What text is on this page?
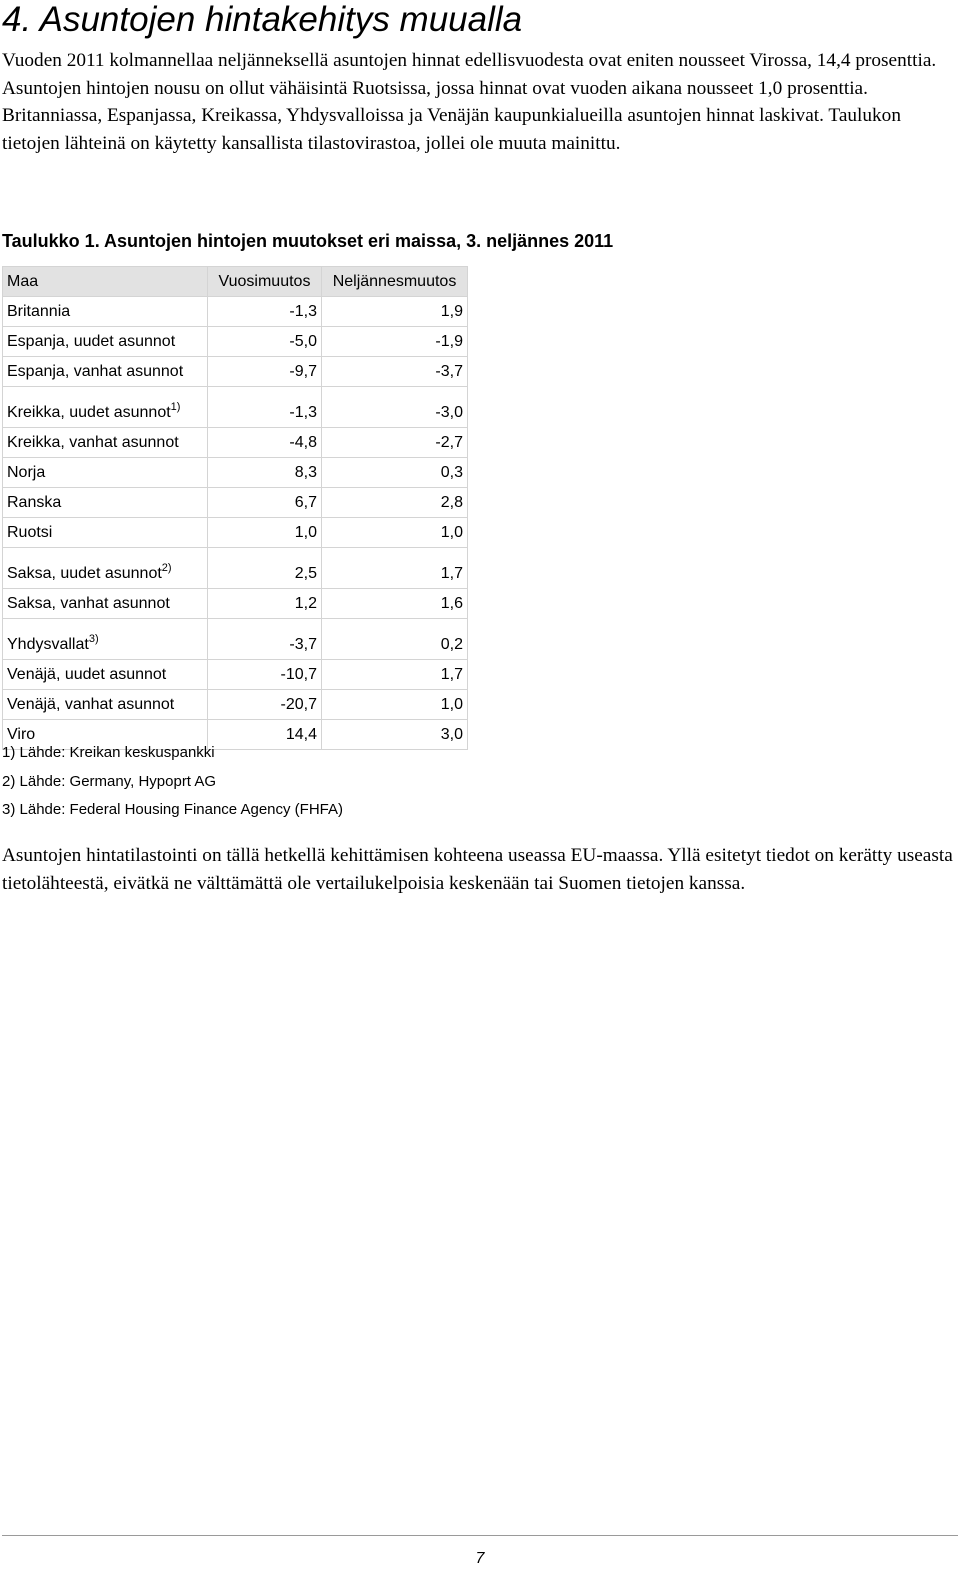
4. Asuntojen hintakehitys muualla

Vuoden 2011 kolmannellaa neljänneksellä asuntojen hinnat edellisvuodesta ovat eniten nousseet Virossa, 14,4 prosenttia. Asuntojen hintojen nousu on ollut vähäisintä Ruotsissa, jossa hinnat ovat vuoden aikana nousseet 1,0 prosenttia. Britanniassa, Espanjassa, Kreikassa, Yhdysvalloissa ja Venäjän kaupunkialueilla asuntojen hinnat laskivat. Taulukon tietojen lähteinä on käytetty kansallista tilastovirastoa, jollei ole muuta mainittu.

Taulukko 1. Asuntojen hintojen muutokset eri maissa, 3. neljännes 2011
Maa	Vuosimuutos	Neljännesmuutos
Britannia	-1,3	1,9
Espanja, uudet asunnot	-5,0	-1,9
Espanja, vanhat asunnot	-9,7	-3,7
Kreikka, uudet asunnot$^{1)}$	-1,3	-3,0
Kreikka, vanhat asunnot	-4,8	-2,7
Norja	8,3	0,3
Ranska	6,7	2,8
Ruotsi	1,0	1,0
Saksa, uudet asunnot$^{2)}$	2,5	1,7
Saksa, vanhat asunnot	1,2	1,6
Yhdysvallat$^{3)}$	-3,7	0,2
Venäjä, uudet asunnot	-10,7	1,7
Venäjä, vanhat asunnot	-20,7	1,0
Viro	14,4	3,0
1) Lähde: Kreikan keskuspankki
2) Lähde: Germany, Hypoprt AG
3) Lähde: Federal Housing Finance Agency (FHFA)

Asuntojen hintatilastointi on tällä hetkellä kehittämisen kohteena useassa EU-maassa. Yllä esitetyt tiedot on kerätty useasta tietolähteestä, eivätkä ne välttämättä ole vertailukelpoisia keskenään tai Suomen tietojen kanssa.

7
